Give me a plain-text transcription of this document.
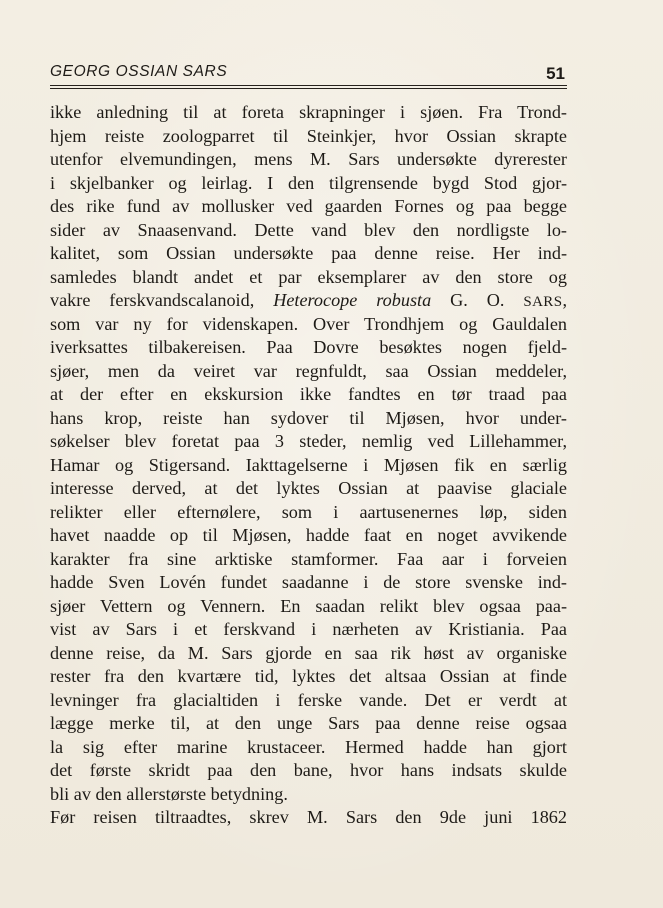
GEORG OSSIAN SARS	51
ikke anledning til at foreta skrapninger i sjøen. Fra Trond-
hjem reiste zoologparret til Steinkjer, hvor Ossian skrapte
utenfor elvemundingen, mens M. Sars undersøkte dyrerester
i skjelbanker og leirlag. I den tilgrensende bygd Stod gjor-
des rike fund av mollusker ved gaarden Fornes og paa begge
sider av Snaasenvand. Dette vand blev den nordligste lo-
kalitet, som Ossian undersøkte paa denne reise. Her ind-
samledes blandt andet et par eksemplarer av den store og
vakre ferskvandscalanoid, Heterocope robusta G. O. SARS,
som var ny for videnskapen. Over Trondhjem og Gauldalen
iverksattes tilbakereisen. Paa Dovre besøktes nogen fjeld-
sjøer, men da veiret var regnfuldt, saa Ossian meddeler,
at der efter en ekskursion ikke fandtes en tør traad paa
hans krop, reiste han sydover til Mjøsen, hvor under-
søkelser blev foretat paa 3 steder, nemlig ved Lillehammer,
Hamar og Stigersand. Iakttagelserne i Mjøsen fik en særlig
interesse derved, at det lyktes Ossian at paavise glaciale
relikter eller efternølere, som i aartusenernes løp, siden
havet naadde op til Mjøsen, hadde faat en noget avvikende
karakter fra sine arktiske stamformer. Faa aar i forveien
hadde Sven Lovén fundet saadanne i de store svenske ind-
sjøer Vettern og Vennern. En saadan relikt blev ogsaa paa-
vist av Sars i et ferskvand i nærheten av Kristiania. Paa
denne reise, da M. Sars gjorde en saa rik høst av organiske
rester fra den kvartære tid, lyktes det altsaa Ossian at finde
levninger fra glacialtiden i ferske vande. Det er verdt at
lægge merke til, at den unge Sars paa denne reise ogsaa
la sig efter marine krustaceer. Hermed hadde han gjort
det første skridt paa den bane, hvor hans indsats skulde
bli av den allerstørste betydning.
Før reisen tiltraadtes, skrev M. Sars den 9de juni 1862
